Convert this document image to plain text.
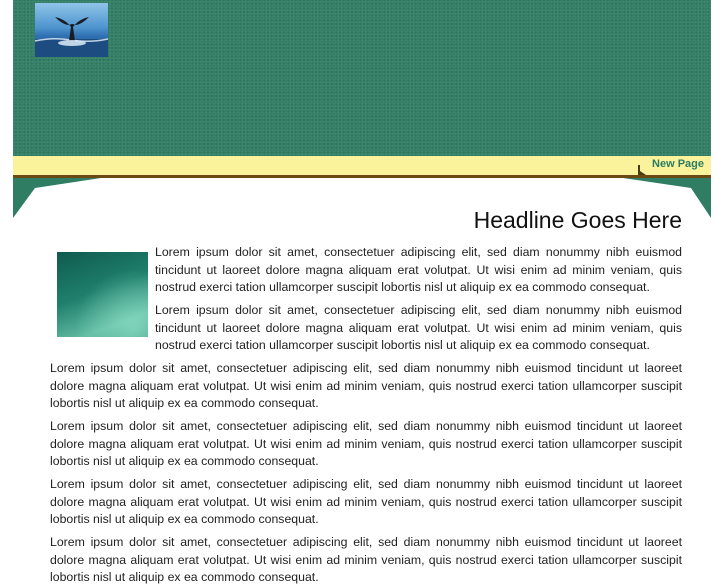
New Page
Headline Goes Here

Lorem ipsum dolor sit amet, consectetuer adipiscing elit, sed diam nonummy nibh euismod tincidunt ut laoreet dolore magna aliquam erat volutpat. Ut wisi enim ad minim veniam, quis nostrud exerci tation ullamcorper suscipit lobortis nisl ut aliquip ex ea commodo consequat.

Lorem ipsum dolor sit amet, consectetuer adipiscing elit, sed diam nonummy nibh euismod tincidunt ut laoreet dolore magna aliquam erat volutpat. Ut wisi enim ad minim veniam, quis nostrud exerci tation ullamcorper suscipit lobortis nisl ut aliquip ex ea commodo consequat.

Lorem ipsum dolor sit amet, consectetuer adipiscing elit, sed diam nonummy nibh euismod tincidunt ut laoreet dolore magna aliquam erat volutpat. Ut wisi enim ad minim veniam, quis nostrud exerci tation ullamcorper suscipit lobortis nisl ut aliquip ex ea commodo consequat.

Lorem ipsum dolor sit amet, consectetuer adipiscing elit, sed diam nonummy nibh euismod tincidunt ut laoreet dolore magna aliquam erat volutpat. Ut wisi enim ad minim veniam, quis nostrud exerci tation ullamcorper suscipit lobortis nisl ut aliquip ex ea commodo consequat.

Lorem ipsum dolor sit amet, consectetuer adipiscing elit, sed diam nonummy nibh euismod tincidunt ut laoreet dolore magna aliquam erat volutpat. Ut wisi enim ad minim veniam, quis nostrud exerci tation ullamcorper suscipit lobortis nisl ut aliquip ex ea commodo consequat.

Lorem ipsum dolor sit amet, consectetuer adipiscing elit, sed diam nonummy nibh euismod tincidunt ut laoreet dolore magna aliquam erat volutpat. Ut wisi enim ad minim veniam, quis nostrud exerci tation ullamcorper suscipit lobortis nisl ut aliquip ex ea commodo consequat.
